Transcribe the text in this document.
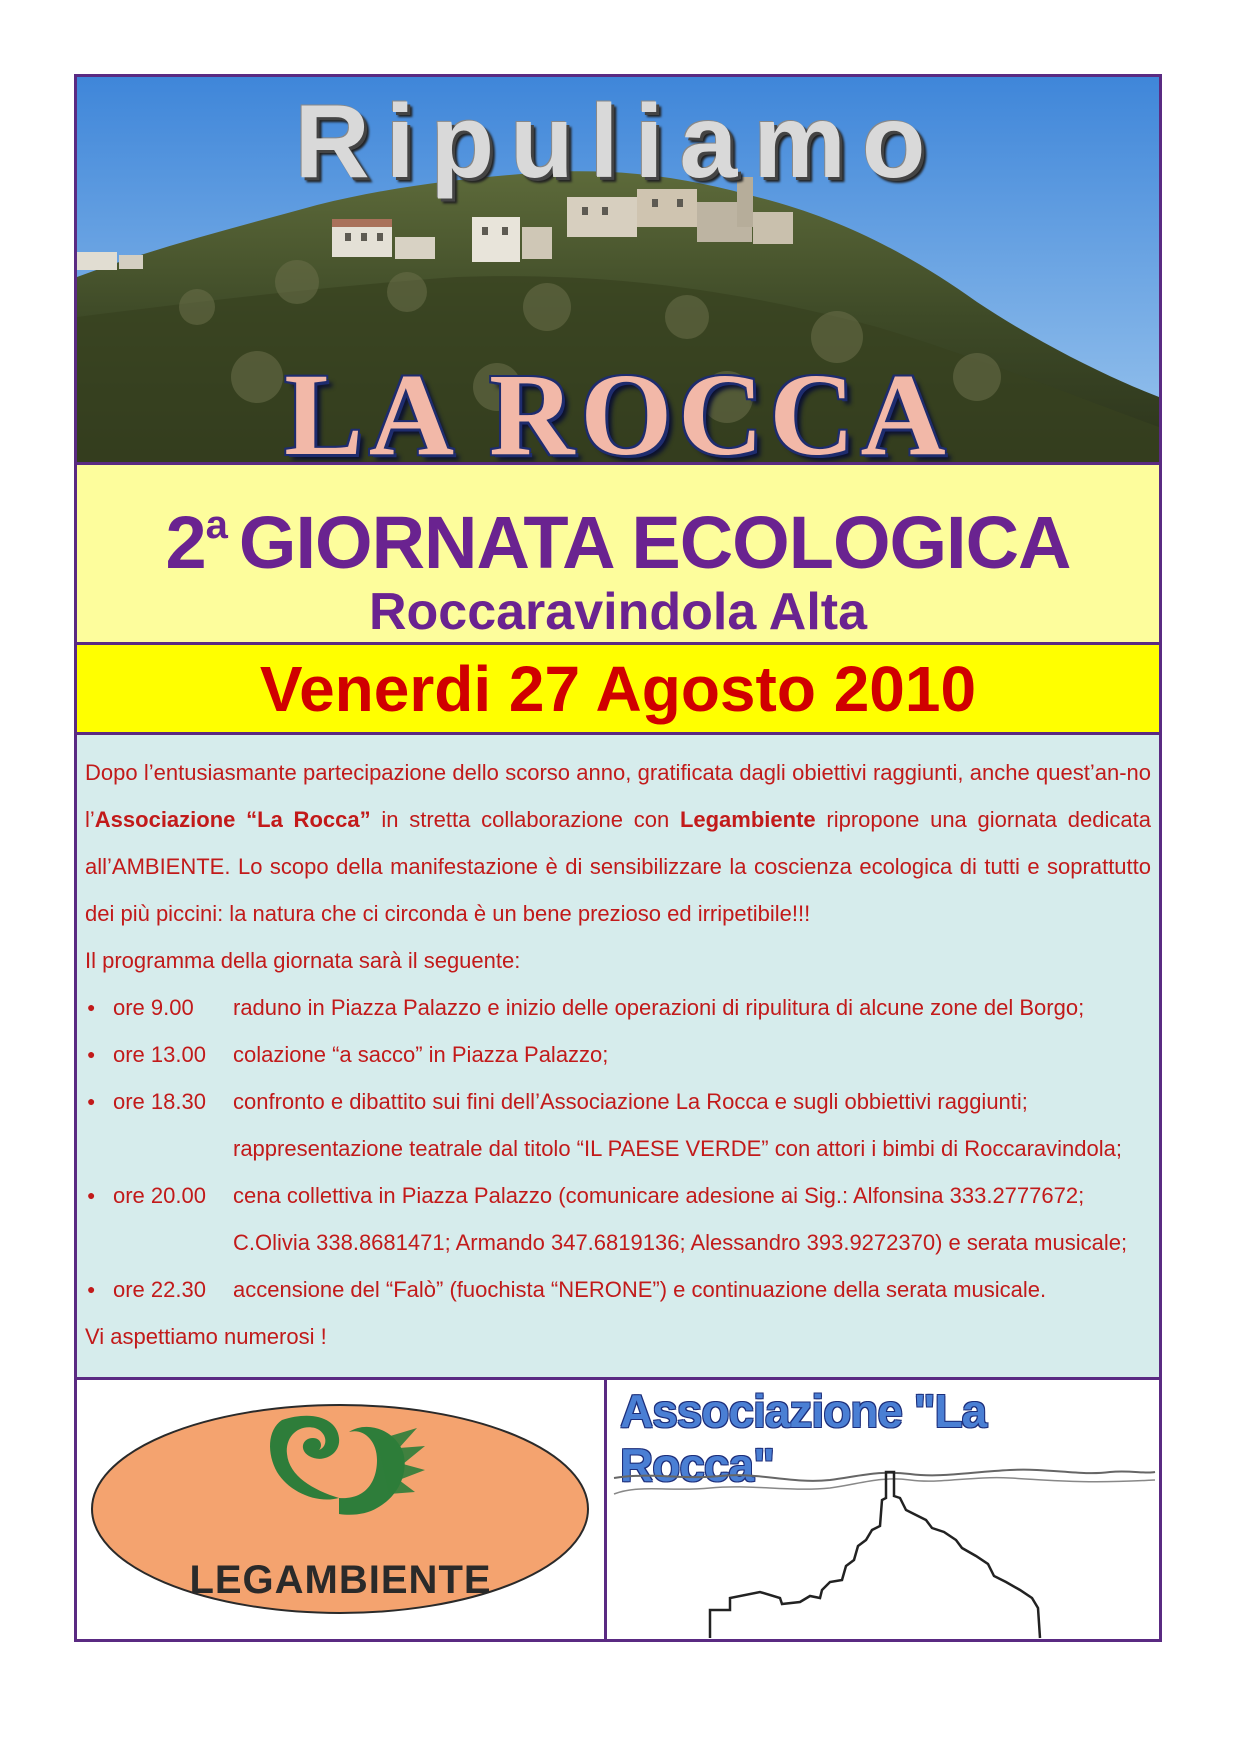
Ripuliamo
LA ROCCA
2$^a$ GIORNATA ECOLOGICA
Roccaravindola Alta
Venerdi 27 Agosto 2010

Dopo l’entusiasmante partecipazione dello scorso anno, gratificata dagli obiettivi raggiunti, anche quest’an-no l’Associazione “La Rocca” in stretta collaborazione con Legambiente ripropone una giornata dedicata all’AMBIENTE. Lo scopo della manifestazione è di sensibilizzare la coscienza ecologica di tutti e soprattutto dei più piccini: la natura che ci circonda è un bene prezioso ed irripetibile!!!

Il programma della giornata sarà il seguente:

● ore 9.00 raduno in Piazza Palazzo e inizio delle operazioni di ripulitura di alcune zone del Borgo;
● ore 13.00 colazione “a sacco” in Piazza Palazzo;
● ore 18.30 confronto e dibattito sui fini dell’Associazione La Rocca e sugli obbiettivi raggiunti;
rappresentazione teatrale dal titolo “IL PAESE VERDE” con attori i bimbi di Roccaravindola;
● ore 20.00 cena collettiva in Piazza Palazzo (comunicare adesione ai Sig.: Alfonsina 333.2777672;
C.Olivia 338.8681471; Armando 347.6819136; Alessandro 393.9272370) e serata musicale;
● ore 22.30 accensione del “Falò” (fuochista “NERONE”) e continuazione della serata musicale.

Vi aspettiamo numerosi !

LEGAMBIENTE
Associazione "La Rocca"
